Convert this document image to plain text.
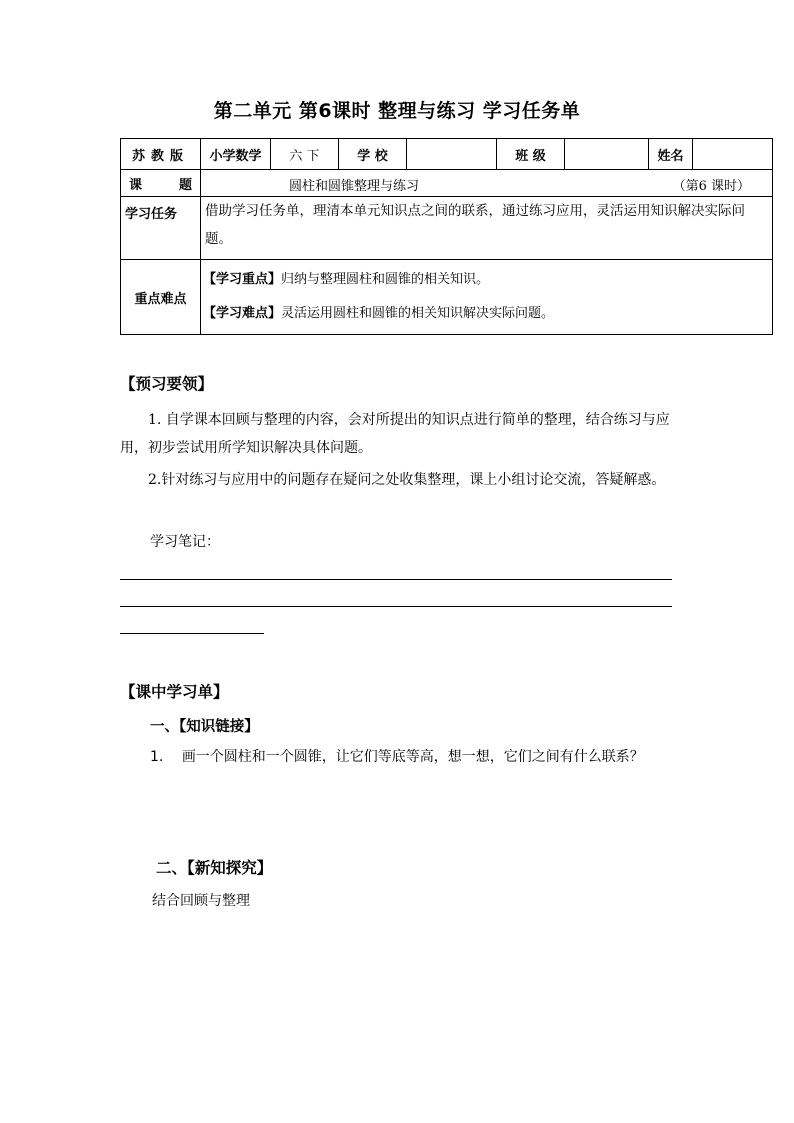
第二单元 第6课时 整理与练习 学习任务单
苏教版	小学数学	六 下	学 校		班 级		姓名	
课 题	圆柱和圆锥整理与练习 （第6 课时）							

学习任务	借助学习任务单，理清本单元知识点之间的联系，通过练习应用，灵活运用知识解决实际问题。							
重点难点	【学习重点】归纳与整理圆柱和圆锥的相关知识。
【学习难点】灵活运用圆柱和圆锥的相关知识解决实际问题。							
【预习要领】
1. 自学课本回顾与整理的内容，会对所提出的知识点进行简单的整理，结合练习与应用，初步尝试用所学知识解决具体问题。
2.针对练习与应用中的问题存在疑问之处收集整理，课上小组讨论交流，答疑解惑。
学习笔记：
【课中学习单】
一、【知识链接】
1. 画一个圆柱和一个圆锥，让它们等底等高，想一想，它们之间有什么联系？
二、【新知探究】
结合回顾与整理
